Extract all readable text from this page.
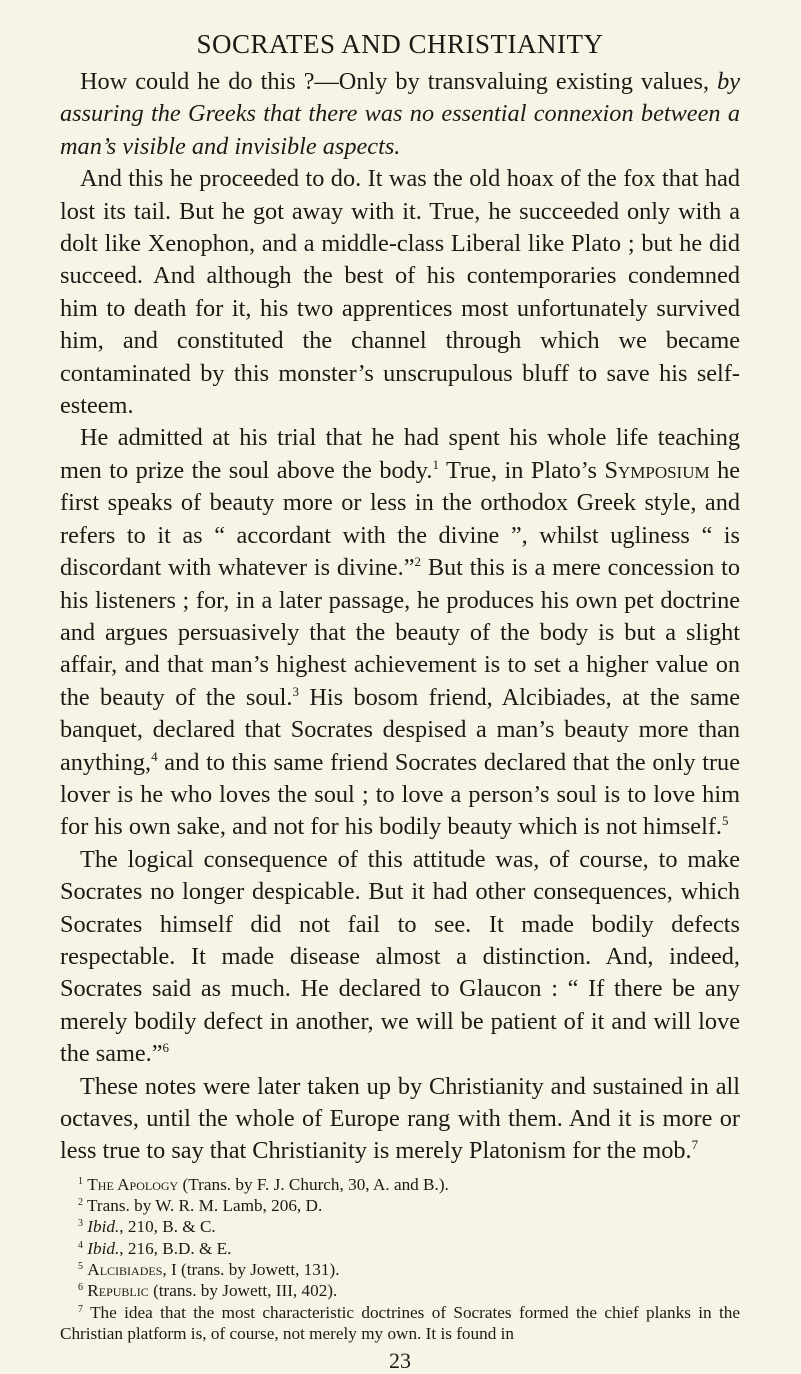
SOCRATES AND CHRISTIANITY

How could he do this ?—Only by transvaluing existing values, by assuring the Greeks that there was no essential connexion between a man’s visible and invisible aspects.

And this he proceeded to do. It was the old hoax of the fox that had lost its tail. But he got away with it. True, he succeeded only with a dolt like Xenophon, and a middle-class Liberal like Plato ; but he did succeed. And although the best of his contemporaries condemned him to death for it, his two apprentices most unfortunately survived him, and constituted the channel through which we became contaminated by this monster’s unscrupulous bluff to save his self-esteem.

He admitted at his trial that he had spent his whole life teaching men to prize the soul above the body.$^1$ True, in Plato’s Symposium he first speaks of beauty more or less in the orthodox Greek style, and refers to it as “ accordant with the divine ”, whilst ugliness “ is discordant with whatever is divine.”$^2$ But this is a mere concession to his listeners ; for, in a later passage, he produces his own pet doctrine and argues persuasively that the beauty of the body is but a slight affair, and that man’s highest achievement is to set a higher value on the beauty of the soul.$^3$ His bosom friend, Alcibiades, at the same banquet, declared that Socrates despised a man’s beauty more than anything,$^4$ and to this same friend Socrates declared that the only true lover is he who loves the soul ; to love a person’s soul is to love him for his own sake, and not for his bodily beauty which is not himself.$^5$

The logical consequence of this attitude was, of course, to make Socrates no longer despicable. But it had other consequences, which Socrates himself did not fail to see. It made bodily defects respectable. It made disease almost a distinction. And, indeed, Socrates said as much. He declared to Glaucon : “ If there be any merely bodily defect in another, we will be patient of it and will love the same.”$^6$

These notes were later taken up by Christianity and sustained in all octaves, until the whole of Europe rang with them. And it is more or less true to say that Christianity is merely Platonism for the mob.$^7$

$^1$ The Apology (Trans. by F. J. Church, 30, A. and B.).

$^2$ Trans. by W. R. M. Lamb, 206, D.

$^3$ Ibid., 210, B. & C.

$^4$ Ibid., 216, B.D. & E.

$^5$ Alcibiades, I (trans. by Jowett, 131).

$^6$ Republic (trans. by Jowett, III, 402).

$^7$ The idea that the most characteristic doctrines of Socrates formed the chief planks in the Christian platform is, of course, not merely my own. It is found in

23
